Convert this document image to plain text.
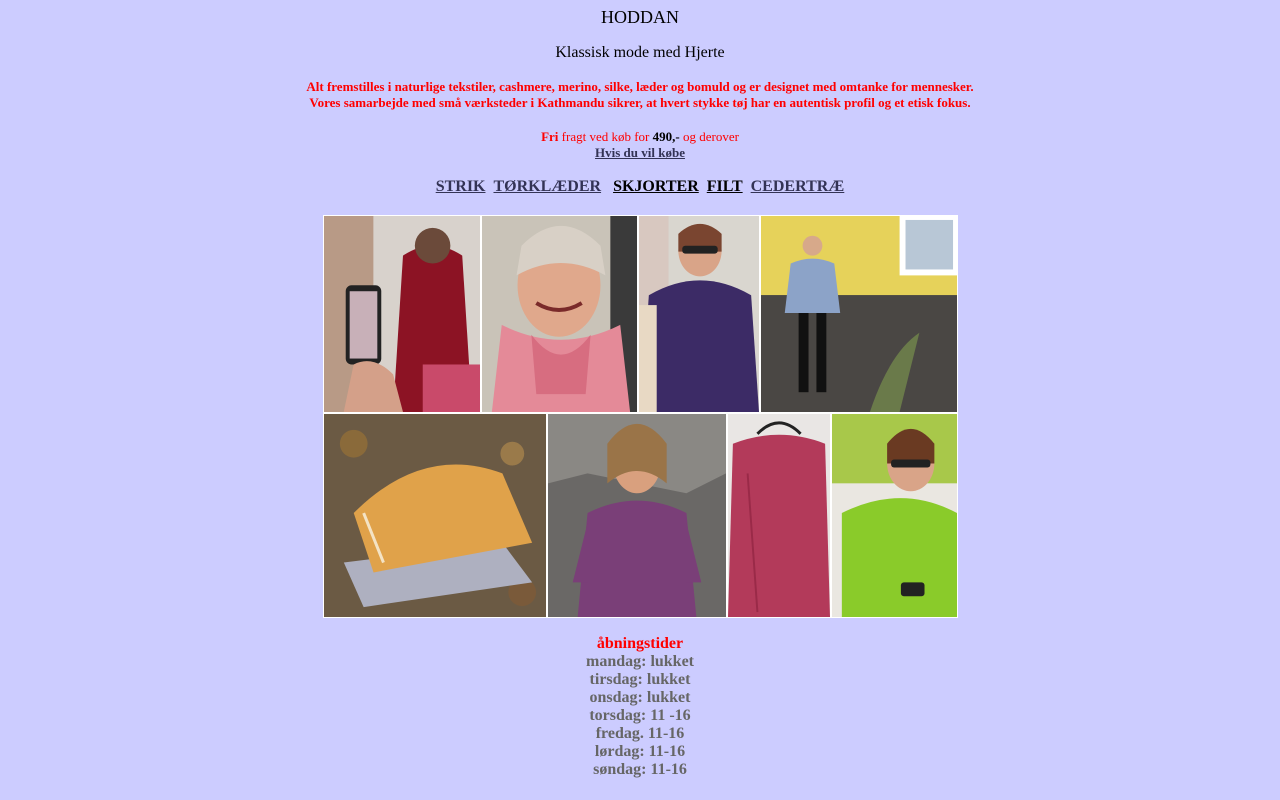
HODDAN
Klassisk mode med Hjerte
Alt fremstilles i naturlige tekstiler, cashmere, merino, silke, læder og bomuld og er designet med omtanke for mennesker.
Vores samarbejde med små værksteder i Kathmandu sikrer, at hvert stykke tøj har en autentisk profil og et etisk fokus.
Fri fragt ved køb for 490,- og derover
Hvis du vil købe
STRIK TØRKLÆDER SKJORTER FILT CEDERTRÆ
åbningstider
mandag: lukket
tirsdag: lukket
onsdag: lukket
torsdag: 11 -16
fredag. 11-16
lørdag: 11-16
søndag: 11-16
